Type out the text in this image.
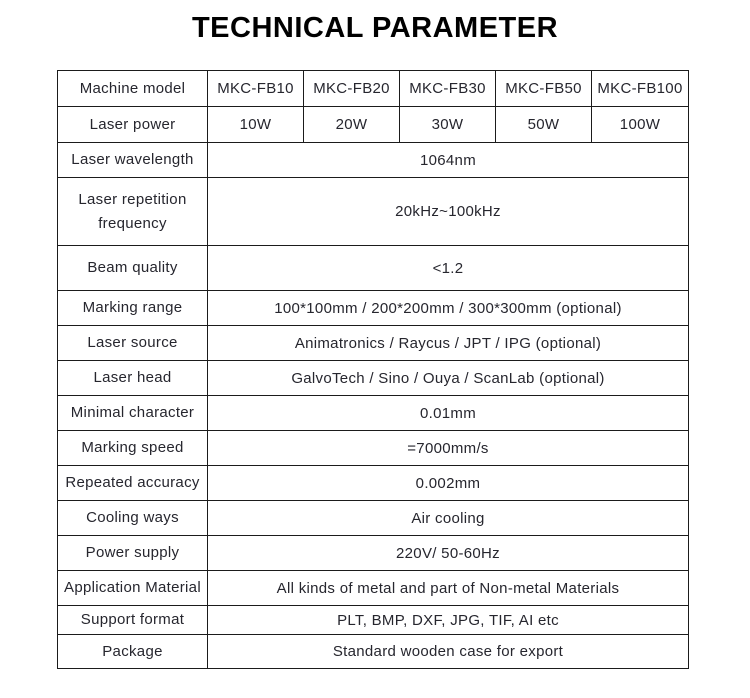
TECHNICAL PARAMETER
Machine model	MKC-FB10	MKC-FB20	MKC-FB30	MKC-FB50	MKC-FB100
Laser power	10W	20W	30W	50W	100W
Laser wavelength	1064nm				
Laser repetition frequency	20kHz~100kHz				
Beam quality	<1.2				
Marking range	100*100mm / 200*200mm / 300*300mm (optional)				
Laser source	Animatronics / Raycus / JPT / IPG (optional)				
Laser head	GalvoTech / Sino / Ouya / ScanLab (optional)				
Minimal character	0.01mm				
Marking speed	=7000mm/s				
Repeated accuracy	0.002mm				
Cooling ways	Air cooling				
Power supply	220V/ 50-60Hz				
Application Material	All kinds of metal and part of Non-metal Materials				
Support format	PLT, BMP, DXF, JPG, TIF, AI etc				
Package	Standard wooden case for export				
